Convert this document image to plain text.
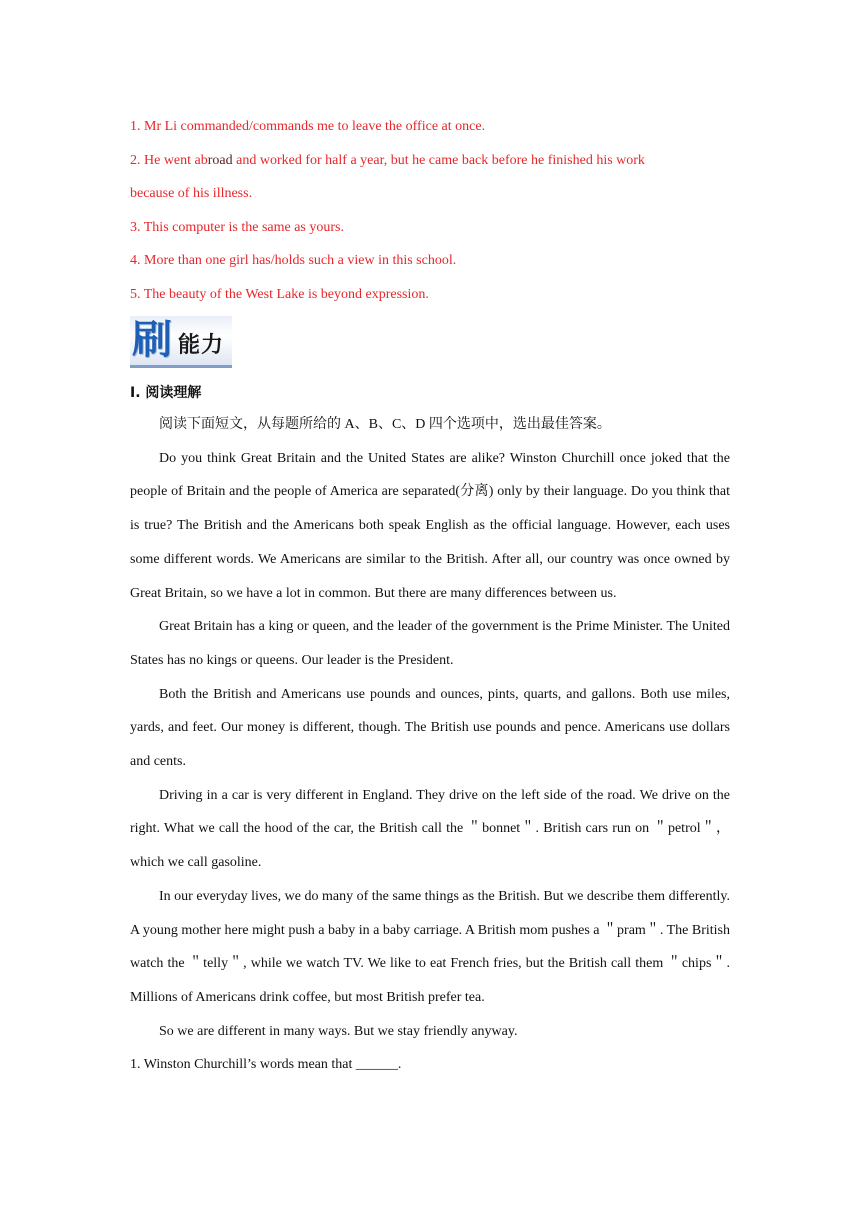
1. Mr Li commanded/commands me to leave the office at once.
2. He went abroad and worked for half a year, but he came back before he finished his work
because of his illness.
3. This computer is the same as yours.
4. More than one girl has/holds such a view in this school.
5. The beauty of the West Lake is beyond expression.
刷 能力
I. 阅读理解

阅读下面短文，从每题所给的 A、B、C、D 四个选项中，选出最佳答案。

Do you think Great Britain and the United States are alike? Winston Churchill once joked that the people of Britain and the people of America are separated(分离) only by their language. Do you think that is true? The British and the Americans both speak English as the official language. However, each uses some different words. We Americans are similar to the British. After all, our country was once owned by Great Britain, so we have a lot in common. But there are many differences between us.

Great Britain has a king or queen, and the leader of the government is the Prime Minister. The United States has no kings or queens. Our leader is the President.

Both the British and Americans use pounds and ounces, pints, quarts, and gallons. Both use miles, yards, and feet. Our money is different, though. The British use pounds and pence. Americans use dollars and cents.

Driving in a car is very different in England. They drive on the left side of the road. We drive on the right. What we call the hood of the car, the British call the ＂bonnet＂. British cars run on ＂petrol＂，which we call gasoline.

In our everyday lives, we do many of the same things as the British. But we describe them differently. A young mother here might push a baby in a baby carriage. A British mom pushes a ＂pram＂. The British watch the ＂telly＂, while we watch TV. We like to eat French fries, but the British call them ＂chips＂. Millions of Americans drink coffee, but most British prefer tea.

So we are different in many ways. But we stay friendly anyway.

1. Winston Churchill’s words mean that ______.
